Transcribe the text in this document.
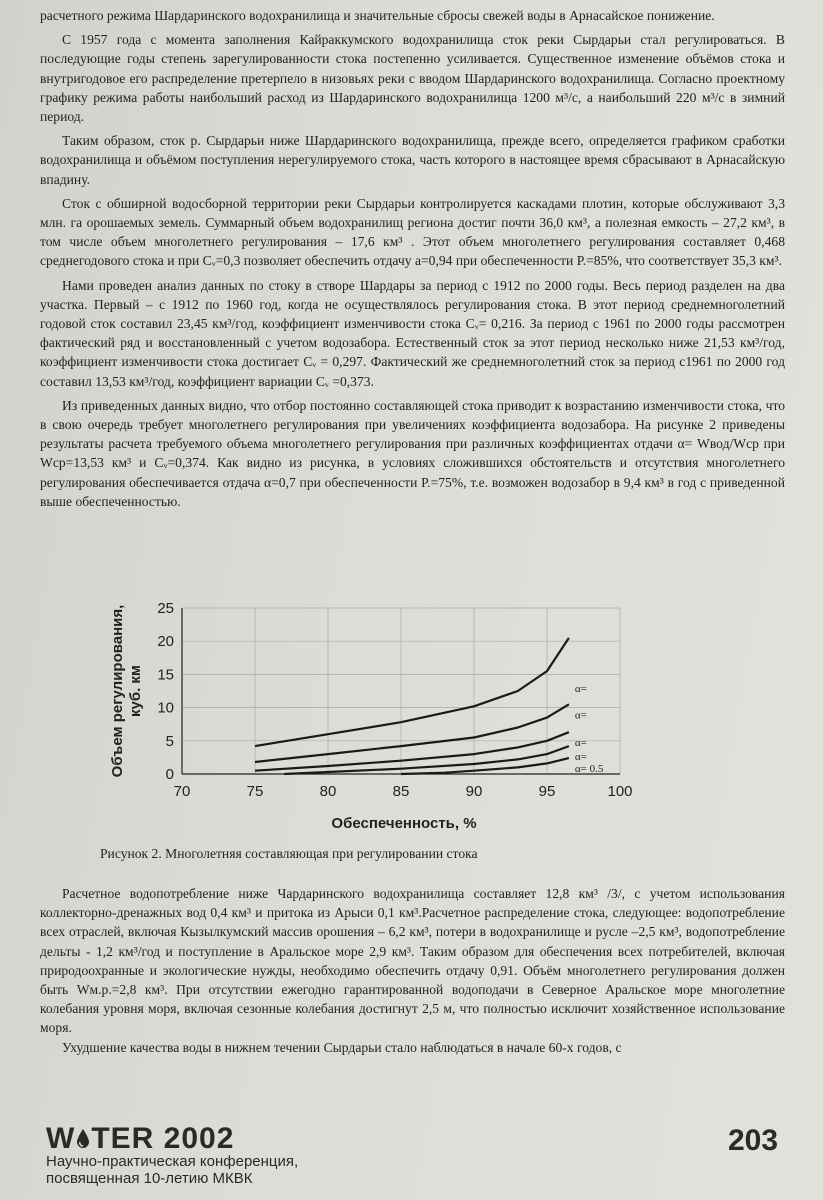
расчетного режима Шардаринского водохранилища и значительные сбросы свежей воды в Арнасайское понижение.

С 1957 года с момента заполнения Кайраккумского водохранилища сток реки Сырдарьи стал регулироваться. В последующие годы степень зарегулированности стока постепенно усиливается. Существенное изменение объёмов стока и внутригодовое его распределение претерпело в низовьях реки с вводом Шардаринского водохранилища. Согласно проектному графику режима работы наибольший расход из Шардаринского водохранилища 1200 м³/с, а наибольший 220 м³/с в зимний период.

Таким образом, сток р. Сырдарьи ниже Шардаринского водохранилища, прежде всего, определяется графиком сработки водохранилища и объёмом поступления нерегулируемого стока, часть которого в настоящее время сбрасывают в Арнасайскую впадину.

Сток с обширной водосборной территории реки Сырдарьи контролируется каскадами плотин, которые обслуживают 3,3 млн. га орошаемых земель. Суммарный объем водохранилищ региона достиг почти 36,0 км³, а полезная емкость – 27,2 км³, в том числе объем многолетнего регулирования – 17,6 км³ . Этот объем многолетнего регулирования составляет 0,468 среднегодового стока и при Cᵥ=0,3 позволяет обеспечить отдачу a=0,94 при обеспеченности P.=85%, что соответствует 35,3 км³.

Нами проведен анализ данных по стоку в створе Шардары за период с 1912 по 2000 годы. Весь период разделен на два участка. Первый – с 1912 по 1960 год, когда не осуществлялось регулирования стока. В этот период среднемноголетний годовой сток составил 23,45 км³/год, коэффициент изменчивости стока Cᵥ= 0,216. За период с 1961 по 2000 годы рассмотрен фактический ряд и восстановленный с учетом водозабора. Естественный сток за этот период несколько ниже 21,53 км³/год, коэффициент изменчивости стока достигает Cᵥ = 0,297. Фактический же среднемноголетний сток за период с1961 по 2000 год составил 13,53 км³/год, коэффициент вариации Cᵥ =0,373.

Из приведенных данных видно, что отбор постоянно составляющей стока приводит к возрастанию изменчивости стока, что в свою очередь требует многолетнего регулирования при увеличениях коэффициента водозабора. На рисунке 2 приведены результаты расчета требуемого объема многолетнего регулирования при различных коэффициентах отдачи α= Wвод/Wср при Wср=13,53 км³ и Cᵥ=0,374. Как видно из рисунка, в условиях сложившихся обстоятельств и отсутствия многолетнего регулирования обеспечивается отдача α=0,7 при обеспеченности P.=75%, т.е. возможен водозабор в 9,4 км³ в год с приведенной выше обеспеченностью.

70	75	80	85	90	95	100
0
5
10
15
20
25
α=
α=
α=
α=
α= 0.5
Объем регулирования,куб. км
Обеспеченность, %
Рисунок 2. Многолетняя составляющая при регулировании стока

Расчетное водопотребление ниже Чардаринского водохранилища составляет 12,8 км³ /3/, с учетом использования коллекторно-дренажных вод 0,4 км³ и притока из Арыси 0,1 км³.Расчетное распределение стока, следующее: водопотребление всех отраслей, включая Кызылкумский массив орошения – 6,2 км³, потери в водохранилище и русле –2,5 км³, водопотребление дельты - 1,2 км³/год и поступление в Аральское море 2,9 км³. Таким образом для обеспечения всех потребителей, включая природоохранные и экологические нужды, необходимо обеспечить отдачу 0,91. Объём многолетнего регулирования должен быть Wм.р.=2,8 км³. При отсутствии ежегодно гарантированной водоподачи в Северное Аральское море многолетние колебания уровня моря, включая сезонные колебания достигнут 2,5 м, что полностью исключит хозяйственное использование моря.

Ухудшение качества воды в нижнем течении Сырдарьи стало наблюдаться в начале 60-х годов, с

W TER 2002
Научно-практическая конференция,
посвященная 10-летию МКВК
203
